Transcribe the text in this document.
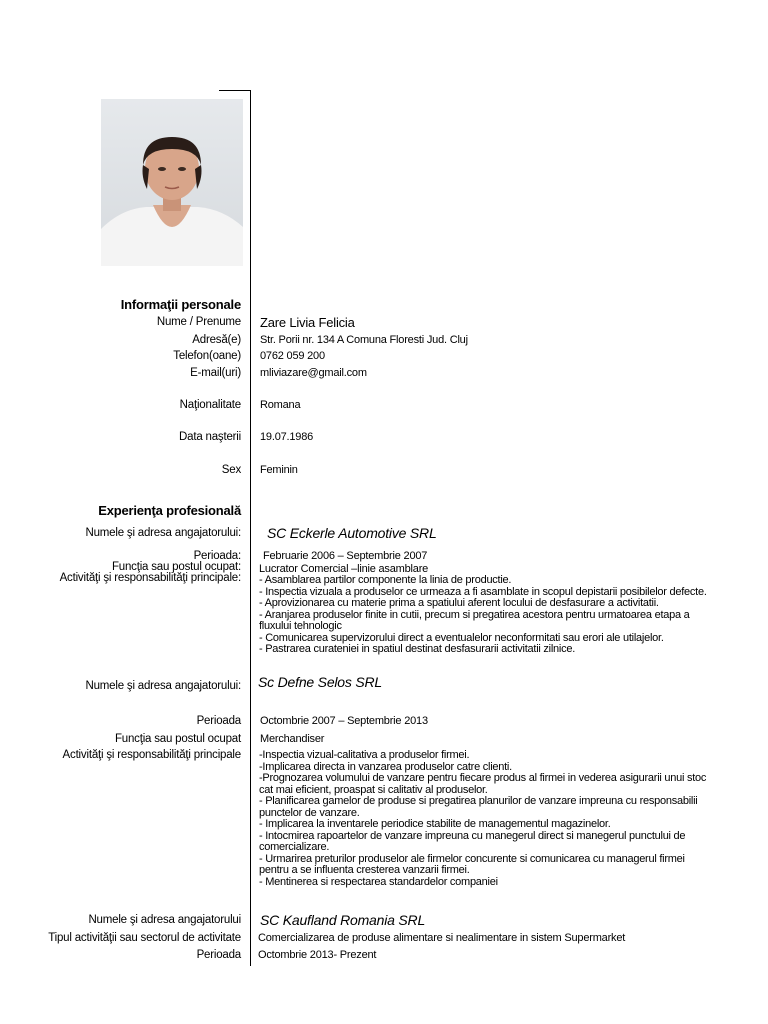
Informaţii personale
Nume / Prenume Zare Livia Felicia
Adresă(e) Str. Porii nr. 134 A Comuna Floresti Jud. Cluj
Telefon(oane) 0762 059 200
E-mail(uri) mliviazare@gmail.com
Naţionalitate Romana
Data naşterii 19.07.1986
Sex Feminin
Experienţa profesională
Numele şi adresa angajatorului: SC Eckerle Automotive SRL
Perioada: Februarie 2006 – Septembrie 2007
Funcţia sau postul ocupat: Lucrator Comercial –linie asamblare
Activităţi şi responsabilităţi principale: - Asamblarea partilor componente la linia de productie.
- Inspectia vizuala a produselor ce urmeaza a fi asamblate in scopul depistarii posibilelor defecte.
- Aprovizionarea cu materie prima a spatiului aferent locului de desfasurare a activitatii.
- Aranjarea produselor finite in cutii, precum si pregatirea acestora pentru urmatoarea etapa a
fluxului tehnologic
- Comunicarea supervizorului direct a eventualelor neconformitati sau erori ale utilajelor.
- Pastrarea curateniei in spatiul destinat desfasurarii activitatii zilnice.
Numele şi adresa angajatorului: Sc Defne Selos SRL
Perioada Octombrie 2007 – Septembrie 2013
Funcţia sau postul ocupat Merchandiser
Activităţi şi responsabilităţi principale -Inspectia vizual-calitativa a produselor firmei.
-Implicarea directa in vanzarea produselor catre clienti.
-Prognozarea volumului de vanzare pentru fiecare produs al firmei in vederea asigurarii unui stoc
cat mai eficient, proaspat si calitativ al produselor.
- Planificarea gamelor de produse si pregatirea planurilor de vanzare impreuna cu responsabilii
punctelor de vanzare.
- Implicarea la inventarele periodice stabilite de managementul magazinelor.
- Intocmirea rapoartelor de vanzare impreuna cu manegerul direct si manegerul punctului de
comercializare.
- Urmarirea preturilor produselor ale firmelor concurente si comunicarea cu managerul firmei
pentru a se influenta cresterea vanzarii firmei.
- Mentinerea si respectarea standardelor companiei
Numele şi adresa angajatorului SC Kaufland Romania SRL
Tipul activităţii sau sectorul de activitate Comercializarea de produse alimentare si nealimentare in sistem Supermarket
Perioada Octombrie 2013- Prezent
